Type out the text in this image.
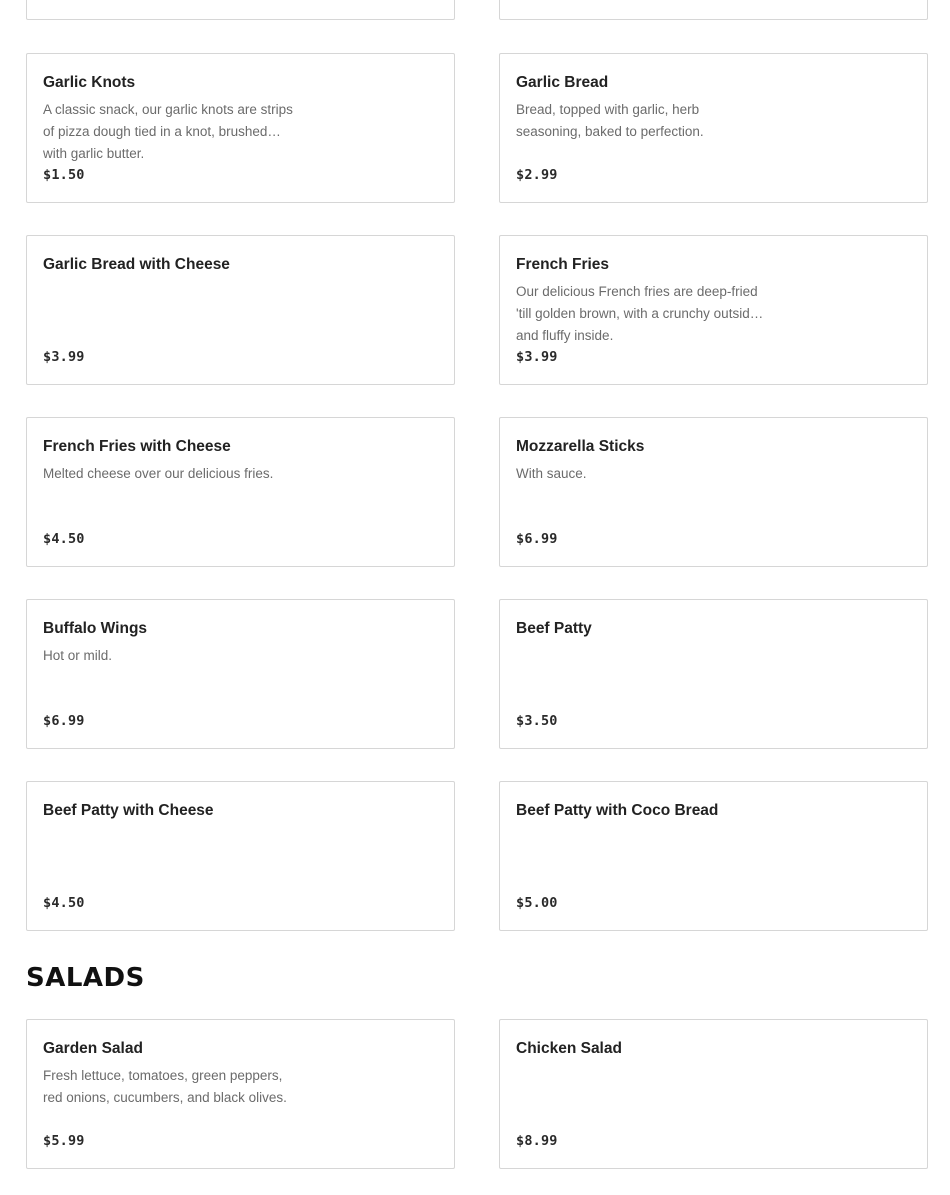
Garlic Knots
A classic snack, our garlic knots are strips of pizza dough tied in a knot, brushed with garlic butter.
$1.50
Garlic Bread
Bread, topped with garlic, herb seasoning, baked to perfection.
$2.99
Garlic Bread with Cheese
$3.99
French Fries
Our delicious French fries are deep-fried 'till golden brown, with a crunchy outside and fluffy inside.
$3.99
French Fries with Cheese
Melted cheese over our delicious fries.
$4.50
Mozzarella Sticks
With sauce.
$6.99
Buffalo Wings
Hot or mild.
$6.99
Beef Patty
$3.50
Beef Patty with Cheese
$4.50
Beef Patty with Coco Bread
$5.00
SALADS
Garden Salad
Fresh lettuce, tomatoes, green peppers, red onions, cucumbers, and black olives.
$5.99
Chicken Salad
$8.99
